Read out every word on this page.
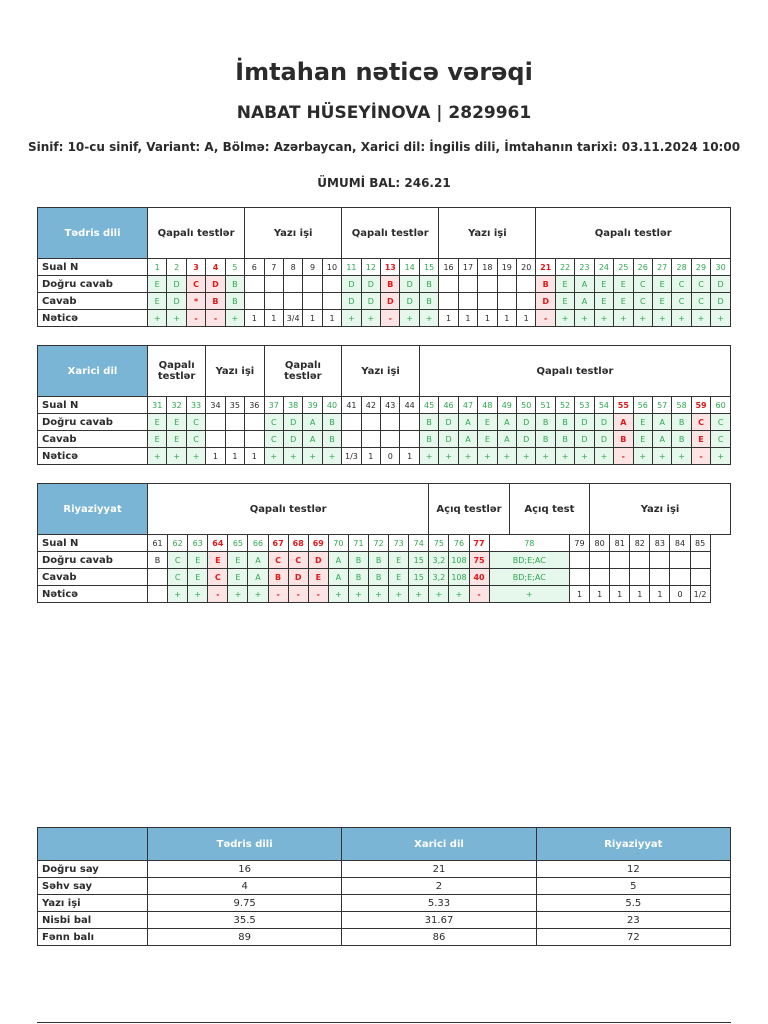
İmtahan nəticə vərəqi
NABAT HÜSEYİNOVA | 2829961
Sinif: 10-cu sinif, Variant: A, Bölmə: Azərbaycan, Xarici dil: İngilis dili, İmtahanın tarixi: 03.11.2024 10:00
ÜMUMİ BAL: 246.21
Tədris dili	Qapalı testlər					Yazı işi					Qapalı testlər					Yazı işi					Qapalı testlər									
Sual N	1	2	3	4	5	6	7	8	9	10	11	12	13	14	15	16	17	18	19	20	21	22	23	24	25	26	27	28	29	30
Doğru cavab	E	D	C	D	B						D	D	B	D	B						B	E	A	E	E	C	E	C	C	D
Cavab	E	D	*	B	B						D	D	D	D	B						D	E	A	E	E	C	E	C	C	D
Nəticə	+	+	-	-	+	1	1	3/4	1	1	+	+	-	+	+	1	1	1	1	1	-	+	+	+	+	+	+	+	+	+
Xarici dil	Qapalı testlər			Yazı işi			Qapalı testlər				Yazı işi				Qapalı testlər															
Sual N	31	32	33	34	35	36	37	38	39	40	41	42	43	44	45	46	47	48	49	50	51	52	53	54	55	56	57	58	59	60
Doğru cavab	E	E	C				C	D	A	B					B	D	A	E	A	D	B	B	D	D	A	E	A	B	C	C
Cavab	E	E	C				C	D	A	B					B	D	A	E	A	D	B	B	D	D	B	E	A	B	E	C
Nəticə	+	+	+	1	1	1	+	+	+	+	1/3	1	0	1	+	+	+	+	+	+	+	+	+	+	-	+	+	+	-	+
Riyaziyyat	Qapalı testlər														Açıq testlər				Açıq test		Yazı işi					
Sual N	61	62	63	64	65	66	67	68	69	70	71	72	73	74	75	76	77	78		79	80	81	82	83	84	85
Doğru cavab	B	C	E	E	E	A	C	C	D	A	B	B	E	15	3,2	108	75	BD;E;AC								
Cavab		C	E	C	E	A	B	D	E	A	B	B	E	15	3,2	108	40	BD;E;AC								
Nəticə		+	+	-	+	+	-	-	-	+	+	+	+	+	+	+	-	+		1	1	1	1	1	0	1/2
	Tədris dili	Xarici dil	Riyaziyyat
Doğru say	16	21	12
Səhv say	4	2	5
Yazı işi	9.75	5.33	5.5
Nisbi bal	35.5	31.67	23
Fənn balı	89	86	72
